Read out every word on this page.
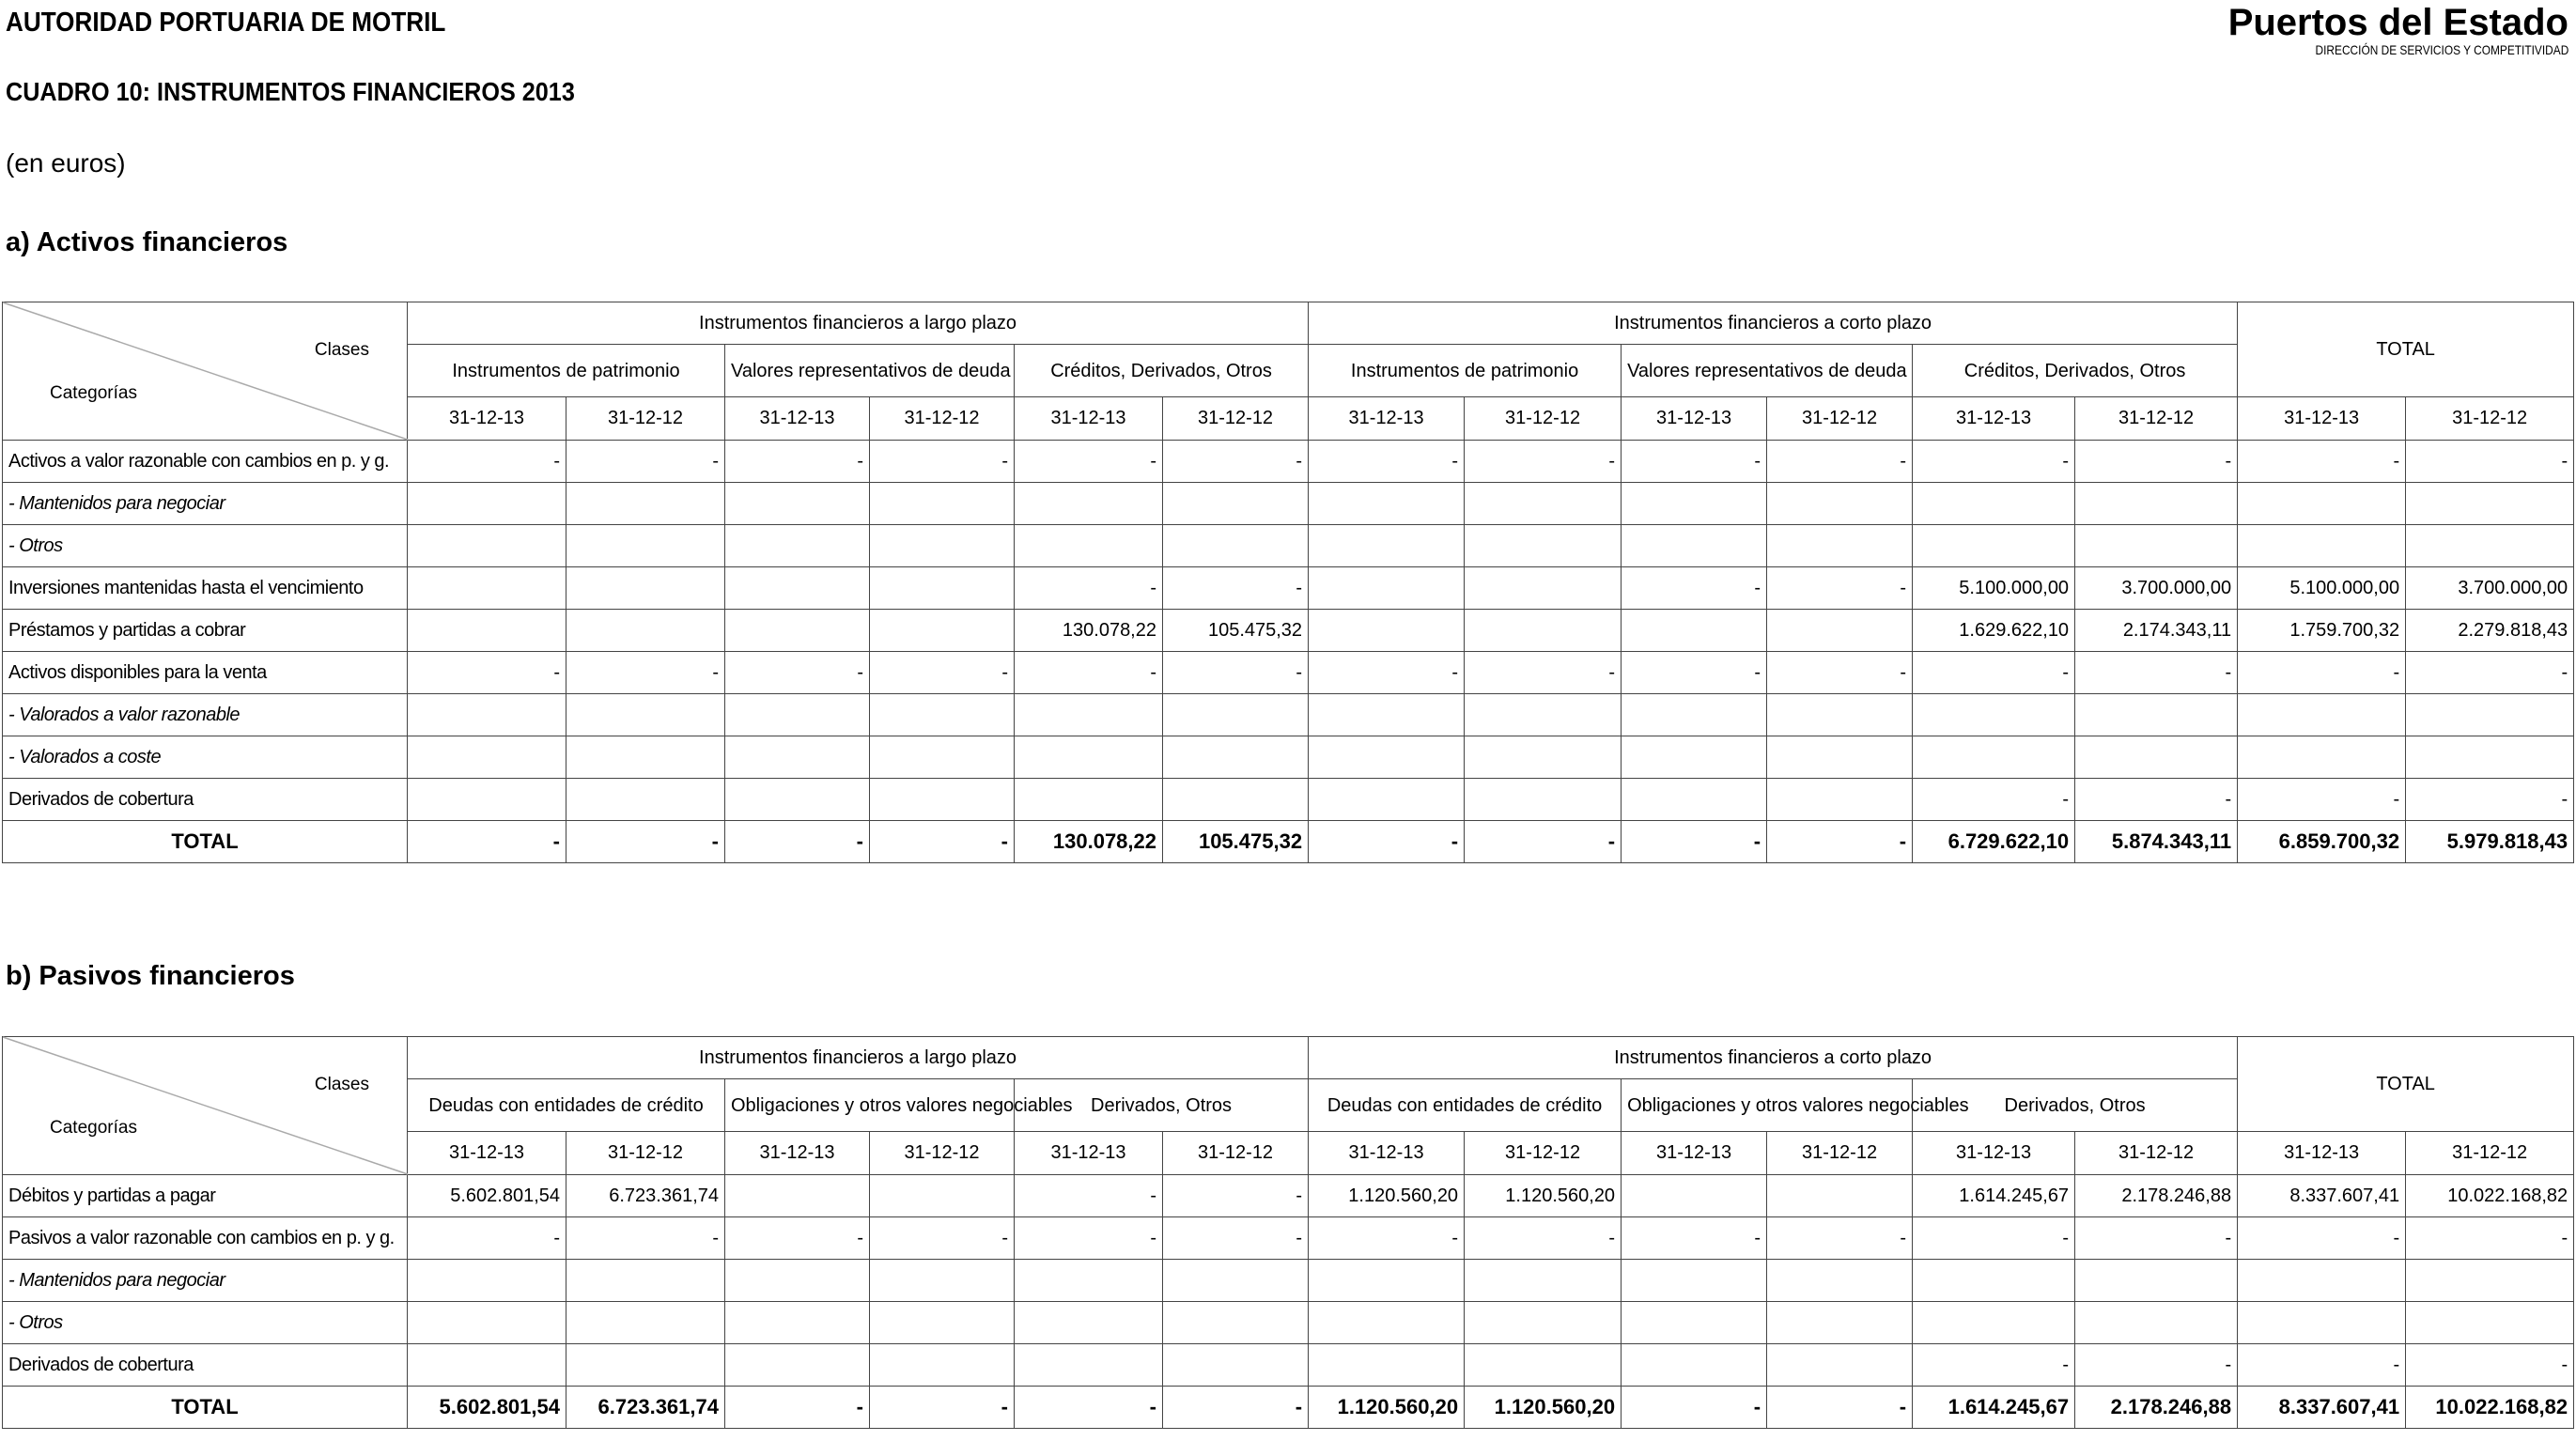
AUTORIDAD PORTUARIA DE MOTRIL	Puertos del Estado
DIRECCIÓN DE SERVICIOS Y COMPETITIVIDAD
CUADRO 10: INSTRUMENTOS FINANCIEROS 2013
(en euros)
a) Activos financieros
Clases
Categorías	Instrumentos financieros a largo plazo						Instrumentos financieros a corto plazo						TOTAL	
	Instrumentos de patrimonio		Valores representativos de deuda		Créditos, Derivados, Otros		Instrumentos de patrimonio		Valores representativos de deuda		Créditos, Derivados, Otros			
	31-12-13	31-12-12	31-12-13	31-12-12	31-12-13	31-12-12	31-12-13	31-12-12	31-12-13	31-12-12	31-12-13	31-12-12	31-12-13	31-12-12
Activos a valor razonable con cambios en p. y g.	-	-	-	-	-	-	-	-	-	-	-	-	-	-
- Mantenidos para negociar														
- Otros														
Inversiones mantenidas hasta el vencimiento					-	-			-	-	5.100.000,00	3.700.000,00	5.100.000,00	3.700.000,00
Préstamos y partidas a cobrar					130.078,22	105.475,32					1.629.622,10	2.174.343,11	1.759.700,32	2.279.818,43
Activos disponibles para la venta	-	-	-	-	-	-	-	-	-	-	-	-	-	-
- Valorados a valor razonable														
- Valorados a coste														
Derivados de cobertura											-	-	-	-
TOTAL	-	-	-	-	130.078,22	105.475,32	-	-	-	-	6.729.622,10	5.874.343,11	6.859.700,32	5.979.818,43
b) Pasivos financieros
Clases
Categorías	Instrumentos financieros a largo plazo						Instrumentos financieros a corto plazo						TOTAL	
	Deudas con entidades de crédito		Obligaciones y otros valores negociables		Derivados, Otros		Deudas con entidades de crédito		Obligaciones y otros valores negociables		Derivados, Otros			
	31-12-13	31-12-12	31-12-13	31-12-12	31-12-13	31-12-12	31-12-13	31-12-12	31-12-13	31-12-12	31-12-13	31-12-12	31-12-13	31-12-12
Débitos y partidas a pagar	5.602.801,54	6.723.361,74			-	-	1.120.560,20	1.120.560,20			1.614.245,67	2.178.246,88	8.337.607,41	10.022.168,82
Pasivos a valor razonable con cambios en p. y g.	-	-	-	-	-	-	-	-	-	-	-	-	-	-
- Mantenidos para negociar														
- Otros														
Derivados de cobertura											-	-	-	-
TOTAL	5.602.801,54	6.723.361,74	-	-	-	-	1.120.560,20	1.120.560,20	-	-	1.614.245,67	2.178.246,88	8.337.607,41	10.022.168,82
